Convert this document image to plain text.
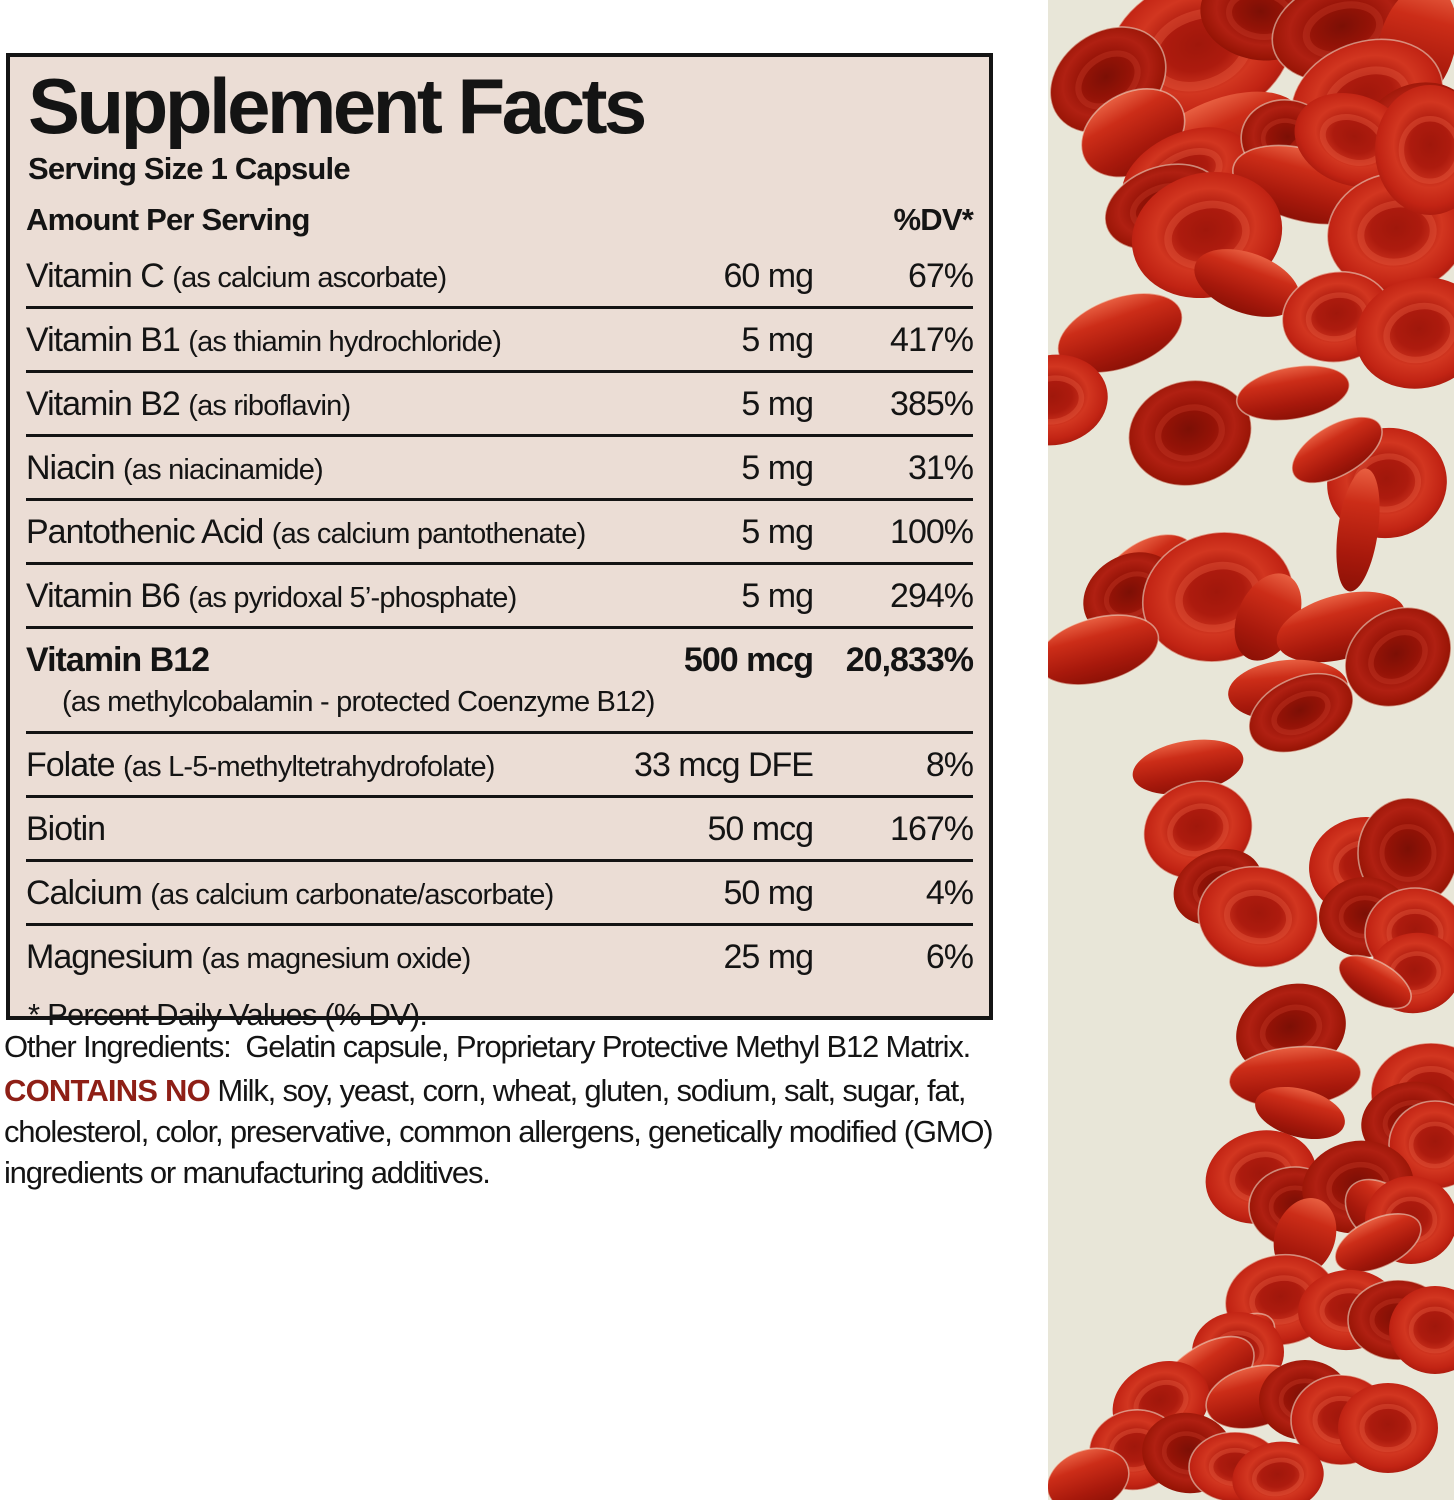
Supplement Facts
Serving Size 1 Capsule
Amount Per Serving	%DV*
Vitamin C (as calcium ascorbate)	60 mg	67%
Vitamin B1 (as thiamin hydrochloride)	5 mg	417%
Vitamin B2 (as riboflavin)	5 mg	385%
Niacin (as niacinamide)	5 mg	31%
Pantothenic Acid (as calcium pantothenate)	5 mg	100%
Vitamin B6 (as pyridoxal 5’-phosphate)	5 mg	294%
Vitamin B12	500 mcg 20,833%
(as methylcobalamin - protected Coenzyme B12)
Folate (as L-5-methyltetrahydrofolate)	33 mcg DFE	8%
Biotin	50 mcg	167%
Calcium (as calcium carbonate/ascorbate)	50 mg	4%
Magnesium (as magnesium oxide)	25 mg	6%
* Percent Daily Values (% DV).

Other Ingredients: Gelatin capsule, Proprietary Protective Methyl B12 Matrix.

CONTAINS NO Milk, soy, yeast, corn, wheat, gluten, sodium, salt, sugar, fat, cholesterol, color, preservative, common allergens, genetically modified (GMO) ingredients or manufacturing additives.
